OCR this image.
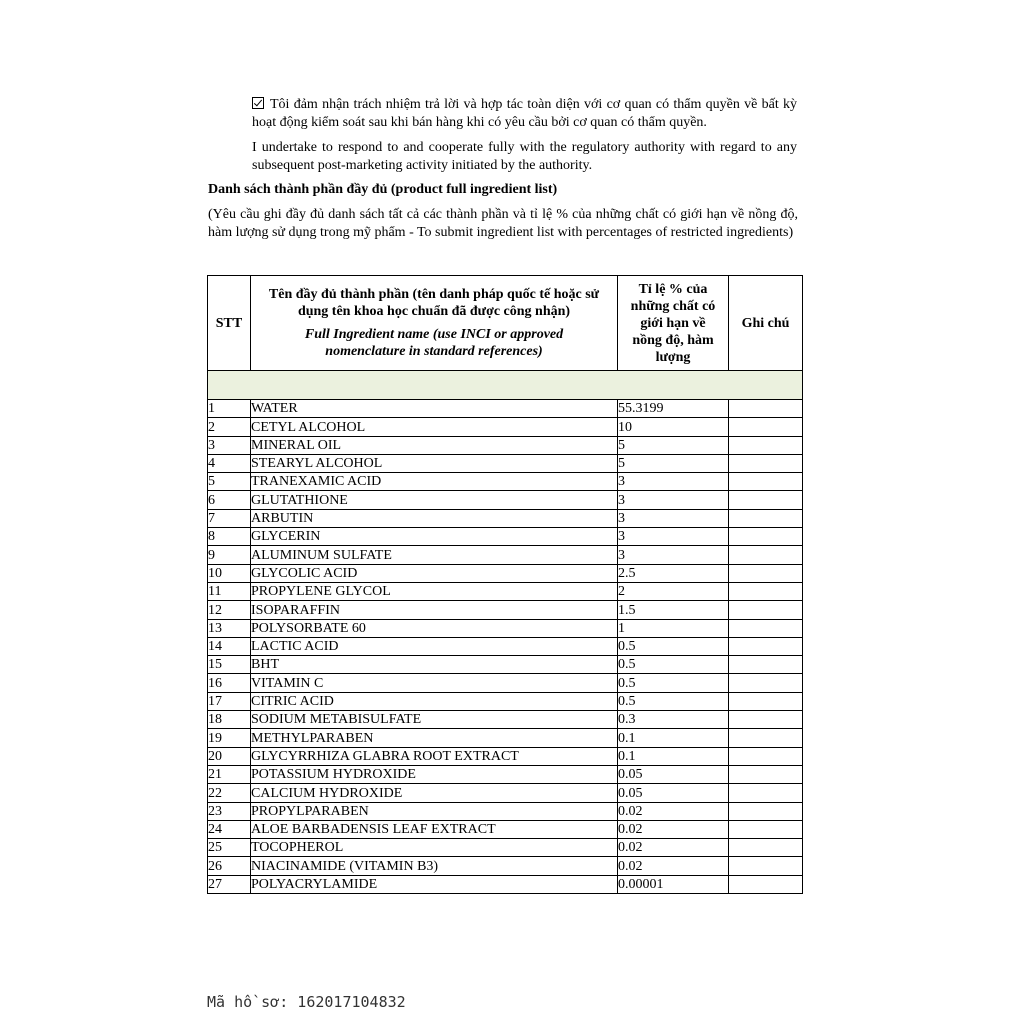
Tôi đảm nhận trách nhiệm trả lời và hợp tác toàn diện với cơ quan có thẩm quyền về bất kỳ hoạt động kiểm soát sau khi bán hàng khi có yêu cầu bởi cơ quan có thẩm quyền.
I undertake to respond to and cooperate fully with the regulatory authority with regard to any subsequent post-marketing activity initiated by the authority.
Danh sách thành phần đầy đủ (product full ingredient list)
(Yêu cầu ghi đầy đủ danh sách tất cả các thành phần và tỉ lệ % của những chất có giới hạn về nồng độ, hàm lượng sử dụng trong mỹ phẩm - To submit ingredient list with percentages of restricted ingredients)
STT	Tên đầy đủ thành phần (tên danh pháp quốc tế hoặc sử dụng tên khoa học chuẩn đã được công nhận)
Full Ingredient name (use INCI or approved nomenclature in standard references)	Tỉ lệ % của những chất có giới hạn về nồng độ, hàm lượng	Ghi chú

1	WATER	55.3199	
2	CETYL ALCOHOL	10	
3	MINERAL OIL	5	
4	STEARYL ALCOHOL	5	
5	TRANEXAMIC ACID	3	
6	GLUTATHIONE	3	
7	ARBUTIN	3	
8	GLYCERIN	3	
9	ALUMINUM SULFATE	3	
10	GLYCOLIC ACID	2.5	
11	PROPYLENE GLYCOL	2	
12	ISOPARAFFIN	1.5	
13	POLYSORBATE 60	1	
14	LACTIC ACID	0.5	
15	BHT	0.5	
16	VITAMIN C	0.5	
17	CITRIC ACID	0.5	
18	SODIUM METABISULFATE	0.3	
19	METHYLPARABEN	0.1	
20	GLYCYRRHIZA GLABRA ROOT EXTRACT	0.1	
21	POTASSIUM HYDROXIDE	0.05	
22	CALCIUM HYDROXIDE	0.05	
23	PROPYLPARABEN	0.02	
24	ALOE BARBADENSIS LEAF EXTRACT	0.02	
25	TOCOPHEROL	0.02	
26	NIACINAMIDE (VITAMIN B3)	0.02	
27	POLYACRYLAMIDE	0.00001	
Mã hồ sơ: 162017104832
